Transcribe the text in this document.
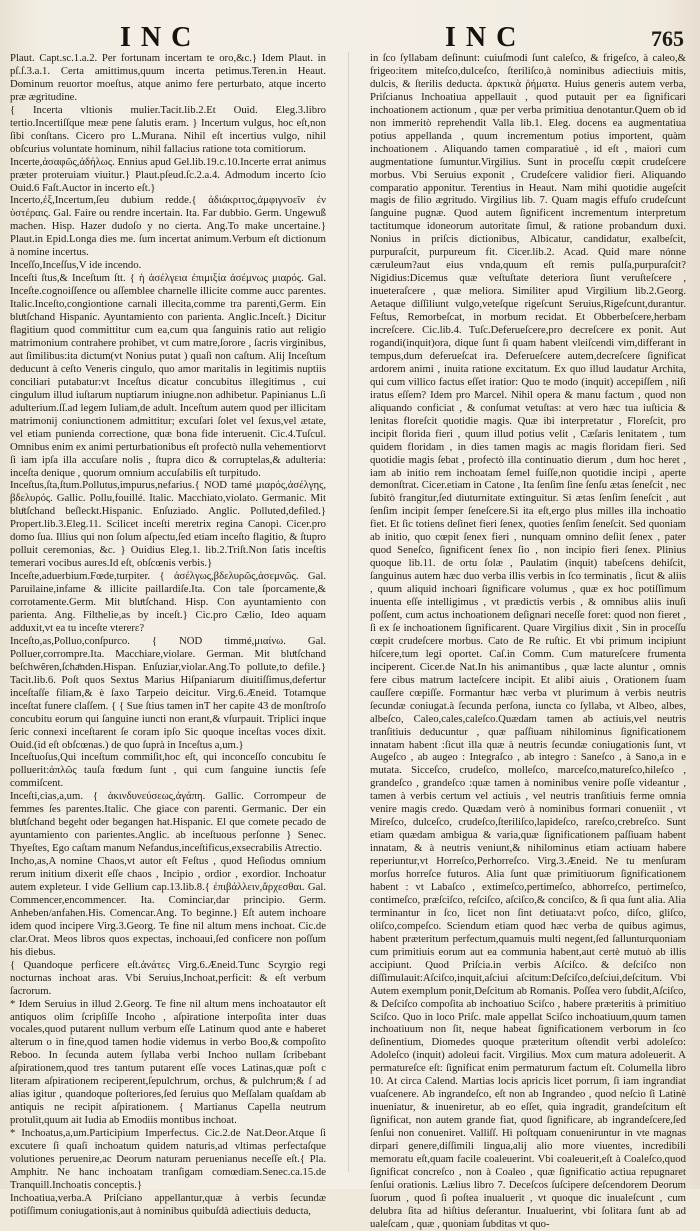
INC	INC	765

Plaut. Capt.sc.1.a.2. Per fortunam incertam te oro,&c.} Idem Plaut. in pſ.ſ.3.a.1. Certa amittimus,quum incerta petimus.Teren.in Heaut. Dominum reuortor moeſtus, atque animo fere perturbato, atque incerto præ ægritudine.

{ Incerta vltionis mulier.Tacit.lib.2.Et Ouid. Eleg.3.libro tertio.Incertiſſque meæ pene ſalutis eram. } Incertum vulgus, hoc eſt,non ſibi conſtans. Cicero pro L.Murana. Nihil eſt incertius vulgo, nihil obſcurius voluntate hominum, nihil fallacius ratione tota comitiorum.

Incerte,ἀσαφῶς,ἀδήλως. Ennius apud Gel.lib.19.c.10.Incerte errat animus præter proteruiam viuitur.} Plaut.pſeud.ſc.2.a.4. Admodum incerto ſcio Ouid.6 Faſt.Auctor in incerto eſt.}

Incerto,ἐξ,Incertum,ſeu dubium redde.{ ἀδιάκριτος,ἀμφιγνοεῖν ἐν ὑστέραις. Gal. Faire ou rendre incertain. Ita. Far dubbio. Germ. Ungewuß machen. Hisp. Hazer dudoſo y no cierta. Ang.To make uncertaine.} Plaut.in Epid.Longa dies me. ſum incertat animum.Verbum eſt dictionum à nomine incertus.

Inceſſo,Inceſſus,V ide incendo.

Inceſti ſtus,& Inceſtum ſtt. { ἡ ἀσέλγεια ἐπιμιξία ἀσέμνως μιαρός. Gal. Inceſte.cognoiſſence ou aſſemblee charnelle illicite comme aucc parentes. Italic.Inceſto,congiontione carnali illecita,comme tra parenti,Germ. Ein bluͤtſchand Hispanic. Ayuntamiento con parienta. Anglic.Inceſt.} Dicitur flagitium quod committitur cum ea,cum qua ſanguinis ratio aut religio matrimonium contrahere prohibet, vt cum matre,ſorore , ſacris virginibus, aut ſimilibus:ita dictum(vt Nonius putat ) quaſi non caſtum. Alij Inceſtum deducunt à ceſto Veneris cingulo, quo amor maritalis in legitimis nuptiis conciliari putabatur:vt Inceſtus dicatur concubitus illegitimus , cui cingulum illud iuſtarum nuptiarum iniugne.non adhibetur. Papinianus L.ſi adulterium.ſſ.ad legem Iuliam,de adult. Inceſtum autem quod per illicitam matrimonij coniunctionem admittitur; excuſari ſolet vel ſexus,vel ætate, vel etiam punienda correctione, quæ bona fide interuenit. Cic.4.Tuſcul. Omnibus enim ex animi perturbationibus eſt profectò nulla vehementiorvt ſi iam ipſa illa accuſare nolis , ſtupra dico & corruptelas,& adulteria: inceſta denique , quorum omnium accuſabilis eſt turpitudo.

Inceſtus,ſta,ſtum.Pollutus,impurus,nefarius.{ NOD tamé μιαρός,ἀσέλγης, βδελυρός. Gallic. Pollu,fouillé. Italic. Macchiato,violato. Germanic. Mit bluͤtſchand beſleckt.Hispanic. Enſuziado. Anglic. Polluted,defiled.} Propert.lib.3.Eleg.11. Scilicet inceſti meretrix regina Canopi. Cicer.pro domo ſua. Illius qui non ſolum aſpectu,ſed etiam inceſto flagitio, & ſtupro polluit ceremonias, &c. } Ouidius Eleg.1. lib.2.Triſt.Non ſatis inceſtis temerari vocibus aures.Id eſt, obſcœnis verbis.}

Inceſte,aduerbium.Fœde,turpiter. { ἀσέλγως,βδελυρῶς,ἀσεμνῶς. Gal. Paruilaine,infame & illicite paillardiſe.Ita. Con tale ſporcamente,& corrotamente.Germ. Mit bluͤtſchand. Hisp. Con ayuntamiento con parienta. Ang. Filthelie,as by inceſt.} Cic.pro Cælio, Ideo aquam adduxit,vt ea tu inceſte vtererε?

Inceſto,as,Polluo,conſpurco. { NOD timmé,μιαίνω. Gal. Polluer,corrompre.Ita. Macchiare,violare. German. Mit bluͤtſchand beſchwẽren,ſchaͤnden.Hispan. Enſuziar,violar.Ang.To pollute,to defile.} Tacit.lib.6. Poſt quos Sextus Marius Hiſpaniarum diuitiſſimus,defertur inceſtaſſe filiam,& è ſaxo Tarpeio deicitur. Virg.6.Æneid. Totamque inceſtat funere claſſem. { { Sue ſtius tamen inT her capite 43 de monſtroſo concubitu eorum qui ſanguine iuncti non erant,& vſurpauit. Triplici inque ſeric connexi inceſtarent ſe coram ipſo Sic quoque inceſtas voces dixit. Ouid.(id eſt obſcœnas.) de quo ſuprà in Inceſtus a,um.}

Inceſtuoſus,Qui inceſtum commiſit,hoc eſt, qui inconceſſo concubitu ſe polluerit:ἀπλῶς tauſa fœdum ſunt , qui cum ſanguine iunctis ſeſe commiſcent.

Inceſti,cias,a,um. { ἀκινδυνεύσεως,ἀγάπη. Gallic. Corrompeur de femmes ſes parentes.Italic. Che giace con parenti. Germanic. Der ein bluͤtſchand begeht oder begangen hat.Hispanic. El que comete pecado de ayuntamiento con parientes.Anglic. ab inceſtuous perſonne } Senec. Thyeſtes, Ego caſtam manum Nefandus,inceſtificus,exsecrabilis Atrectio.

Incho,as,A nomine Chaos,vt autor eſt Feſtus , quod Heſiodus omnium rerum initium dixerit eſſe chaos , Incipio , ordior , exordior. Inchoatur autem expleteur. I vide Gellium cap.13.lib.8.{ ἐπιβάλλειν,ἄρχεσθαι. Gal. Commencer,encommencer. Ita. Cominciar,dar principio. Germ. Anheben/anfahen.His. Comencar.Ang. To beginne.} Eſt autem inchoare idem quod incipere Virg.3.Georg. Te fine nil altum mens inchoat. Cic.de clar.Orat. Meos libros quos expectas, inchoaui,ſed conficere non poſſum his diebus.

{ Quandoque perficere eſt.ἀνάτες Virg.6.Æneid.Tunc Scyrgio regi nocturnas inchoat aras. Vbi Seruius,Inchoat,perficit: & eſt verbum ſacrorum.

* Idem Seruius in illud 2.Georg. Te fine nil altum mens inchoatautor eſt antiquos olim ſcripſiſſe Incoho , aſpiratione interpoſita inter duas vocales,quod putarent nullum verbum eſſe Latinum quod ante e haberet alterum o in fine,quod tamen hodie videmus in verbo Boo,& compoſito Reboo. In ſecunda autem ſyllaba verbi Inchoo nullam ſcribebant aſpirationem,quod tres tantum putarent eſſe voces Latinas,quæ poſt c literam aſpirationem reciperent,ſepulchrum, orchus, & pulchrum;& ſ ad alias igitur , quandoque poſteriores,ſed ſeruius quo Meſſalam quaſdam ab antiquis ne recipit aſpirationem. { Martianus Capella neutrum protulit,quum ait Iudia ab Emodiis montibus inchoat.

* Inchoatus,a,um.Participium Imperfectus. Cic.2.de Nat.Deor.Atque ſi excutere ſi quaſi inchoatum quidem naturis,ad vltimas perfectaſque volutiones peruenire,ac Deorum naturam peruenianus neceſſe eſt.{ Pla. Amphitr. Ne hanc inchoatam tranſigam comœdiam.Senec.ca.15.de Tranquill.Inchoatis conceptis.}

Inchoatiua,verba.A Priſciano appellantur,quæ à verbis ſecundæ potiſſimum coniugationis,aut à nominibus quibuſdà adiectiuis deducta,

in ſco ſyllabam deſinunt: cuiuſmodi ſunt caleſco, & frigeſco, à caleo,& frigeo:item miteſco,dulceſco, ſteriliſco,à nominibus adiectiuis mitis, dulcis, & ſterilis deducta. ἀρκτικὰ ῥήματα. Huius generis autem verba, Priſcianus Inchoatiua appellauit , quod putauit per ea ſignificari inchoationem actionum , quæ per verba primitiua denotantur.Quem ob id non immeritò reprehendit Valla lib.1. Eleg. docens ea augmentatiua potius appellanda , quum incrementum potius importent, quàm inchoationem . Aliquando tamen comparatiuè , id eſt , maiori cum augmentatione ſumuntur.Virgilius. Sunt in proceſſu cœpit crudeſcere morbus. Vbi Seruius exponit , Crudeſcere validior fieri. Aliquando comparatio apponitur. Terentius in Heaut. Nam mihi quotidie augeſcit magis de filio ægritudo. Virgilius lib. 7. Quam magis effuſo crudeſcunt ſanguine pugnæ. Quod autem ſignificent incrementum interpretum tactitumque idoneorum autoritate ſimul, & ratione probandum duxi. Nonius in priſcis dictionibus, Albicatur, candidatur, exalbeſcit, purpuraſcit, purpureum fit. Cicer.lib.2. Acad. Quid mare nónne cæruleum?aut eius vnda,quum eſt remis pulſa,purpuraſcit? Nigidius:Dicemus quæ veſtuſtate deteriora ſiunt veruſteſcere , inueteraſcere , quæ meliora. Similiter apud Virgilium lib.2.Georg. Aetaque diſſiliunt vulgo,veteſque rigeſcunt Seruius,Rigeſcunt,durantur. Feſtus, Remorbeſcat, in morbum recidat. Et Obberbeſcere,herbam increſcere. Cic.lib.4. Tuſc.Deferueſcere,pro decreſcere ex ponit. Aut rogandi(inquit)ora, dique ſunt ſi quam habent vleiſcendi vim,differant in tempus,dum deferueſcat ira. Deferueſcere autem,decreſcere ſignificat ardorem animi , inuita ratione excitatum. Ex quo illud laudatur Archita, qui cum villico factus eſſet iratior: Quo te modo (inquit) accepiſſem , niſi iratus eſſem? Idem pro Marcel. Nihil opera & manu factum , quod non aliquando conficiat , & conſumat vetuſtas: at vero hæc tua iuſticia & lenitas floreſcit quotidie magis. Quæ ibi interpretatur , Floreſcit, pro incipit florida fieri , quum illud potius velit , Cæſaris lenitatem , tum quidem floridam , in dies tamen magis ac magis floridam fieri. Sed quotidie magis ſebat , profectò illa continuatio dierum , dum hoc heret , iam ab initio rem inchoatam ſemel fuiſſe,non quotidie incipi , aperte demonſtrat. Cicer.etiam in Catone , Ita ſenſim ſine ſenſu ætas ſeneſcit , nec ſubitò frangitur,ſed diuturnitate extinguitur. Si ætas ſenſim ſeneſcit , aut ſenſim incipit ſemper ſeneſcere.Si ita eſt,ergo plus milles illa inchoatio fiet. Et ſic totiens deſinet fieri ſenex, quoties ſenſim ſeneſcit. Sed quoniam ab initio, quo cœpit ſenex fieri , nunquam omnino deſiit ſenex , pater quod Seneſco, ſignificent ſenex ſio , non incipio fieri ſenex. Plinius quoque lib.11. de ortu ſolæ , Paulatim (inquit) tabeſcens dehiſcit, ſanguinus autem hæc duo verba illis verbis in ſco terminatis , ſicut & aliis , quum aliquid inchoari ſignificare volumus , quæ ex hoc potiſſimum inuenta eſſe intelligimus , vt prædictis verbis , & omnibus aliis inuſi poſſent, cum actus inchoationem deſignari neceſſe foret: quod non fieret , ſi ex ſe inchoationem ſignificarent. Quare Virgilius dixit , Sin in proceſſu cœpit crudeſcere morbus. Cato de Re ruſtic. Et vbi primum incipiunt hiſcere,tum legi oportet. Caſ.in Comm. Cum matureſcere frumenta inciperent. Cicer.de Nat.In his animantibus , quæ lacte aluntur , omnis fere cibus matrum lacteſcere incipit. Et alibi aiuis , Orationem ſuam cauſſere cœpiſſe. Formantur hæc verba vt plurimum à verbis neutris ſecundæ coniugat.à ſecunda perſona, iuncta co ſyllaba, vt Albeo, albes, albeſco, Caleo,cales,caleſco.Quædam tamen ab actiuis,vel neutris tranſitiuis deducuntur , quæ paſſiuam nihilominus ſignificationem innatam habent :ſicut illa quæ à neutris ſecundæ coniugationis ſunt, vt Augeſco , ab augeo : Integraſco , ab integro : Saneſco , à Sano,a in e mutata. Sicceſco, crudeſco, molleſco, marceſco,matureſco,hileſco , grandeſco , grandeſco :quæ tamen à nominibus venire poſſe videantur , tamen à verbis certum vel actiuis , vel neutris tranſitiuis ferme omnia venire magis credo. Quædam verò à nominibus formari conueniit , vt Mireſco, dulceſco, crudeſco,ſteriliſco,lapideſco, rareſco,crebreſco. Sunt etiam quædam ambigua & varia,quæ ſignificationem paſſiuam habent innatam, & à neutris veniunt,& nihilominus etiam actiuam habere reperiuntur,vt Horreſco,Perhorreſco. Virg.3.Æneid. Ne tu menſuram morſus horreſce futuros. Alia ſunt quæ primitiuorum ſignificationem habent : vt Labaſco , extimeſco,pertimeſco, abhorreſco, pertimeſco, contimeſco, præſciſco, reſciſco, aſciſco,& conciſco, & ſi qua ſunt alia. Alia terminantur in ſco, licet non ſint detiuata:vt poſco, diſco, gliſco, oliſco,compeſco. Sciendum etiam quod hæc verba de quibus agimus, habent præteritum perfectum,quamuis multi negent,ſed ſallunturquoniam cum primitiuis eorum aut ea communia habent,aut certè mutuò ab illis accipiunt. Quod Priſcia.in verbis Aſciſco. & deſciſco non diſſimulauit:Aſciſco,inquit,aſciui aſcitum:Deſciſco,deſciui,deſcitum. Vbi Autem exemplum ponit,Deſcitum ab Romanis. Poſſea vero ſubdit,Aſciſco, & Deſciſco compoſita ab inchoatiuo Sciſco , habere præteritis à primitiuo Sciſco. Quo in loco Priſc. male appellat Sciſco inchoatiuum,quum tamen inchoatiuum non ſit, neque habeat ſignificationem verborum in ſco deſinentium, Diomedes quoque præteritum oſtendit verbi adoleſco: Adoleſco (inquit) adoleui facit. Virgilius. Mox cum matura adoleuerit. A permatureſce eſt: ſignificat enim permaturum factum eſt. Columella libro 10. At circa Calend. Martias locis apricis licet porrum, ſi iam ingrandiat vuaſcenere. Ab ingrandeſco, eſt non ab Ingrandeo , quod neſcio ſi Latinè inueniatur, & inueniretur, ab eo eſſet, quia ingradit, grandeſcitum eſt ſignificat, non autem grande fiat, quod ſignificare, ab ingrandeſcere,ſed ſenſui non conueniret. Valliſſ. Hi poſtquam conueniruntur in vte magnas dirpari genere,diſſimili lingua,alij alio more viuentes, incredibili memoratu eſt,quam facile coaleuerint. Vbi coaleuerit,eſt à Coaleſco,quod ſignificat concreſco , non à Coaleo , quæ ſignificatio actiua repugnaret ſenſui orationis. Lælius libro 7. Deceſcos ſuſcipere deſcendorem Deorum ſuorum , quod ſi poſtea inualuerit , vt quoque dic inualeſcunt , cum delubra ſita ad hiſtius deſerantur. Inualuerint, vbi ſolitara ſunt ab ad ualeſcam , quæ , quoniam ſubditas vt quo-
